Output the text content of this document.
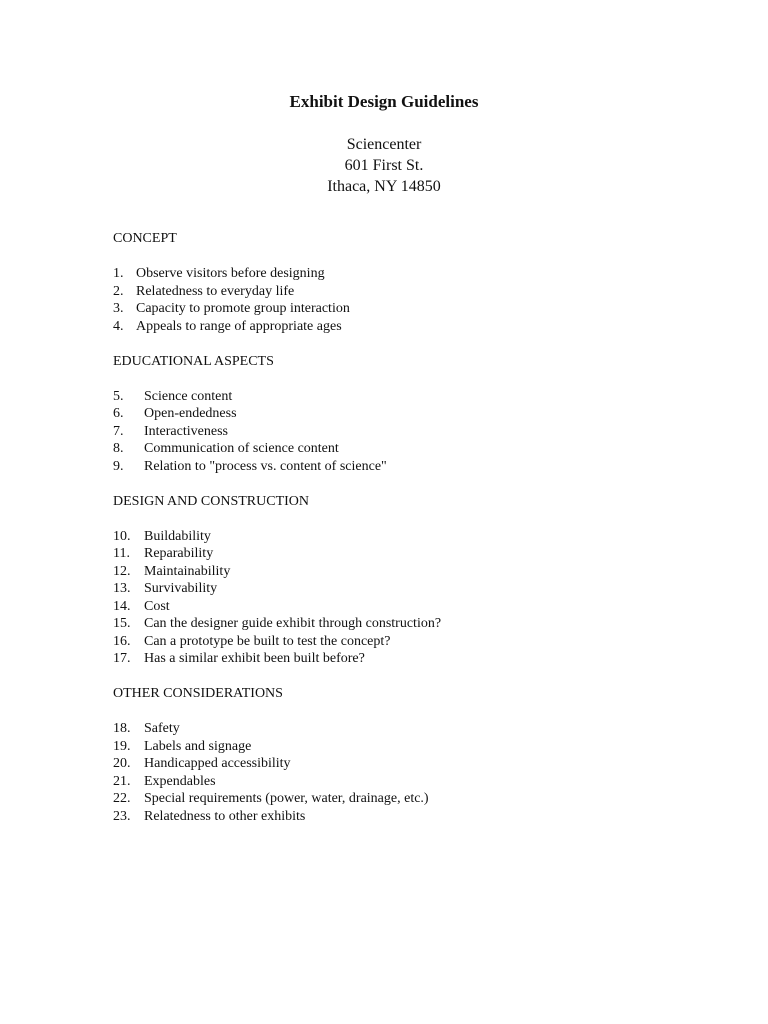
Exhibit Design Guidelines
Sciencenter
601 First St.
Ithaca, NY 14850
CONCEPT
1. Observe visitors before designing
2. Relatedness to everyday life
3. Capacity to promote group interaction
4. Appeals to range of appropriate ages
EDUCATIONAL ASPECTS
5.	Science content
6.	Open-endedness
7.	Interactiveness
8.	Communication of science content
9.	Relation to "process vs. content of science"
DESIGN AND CONSTRUCTION
10. Buildability
11.	Reparability
12. Maintainability
13. Survivability
14. Cost
15. Can the designer guide exhibit through construction?
16. Can a prototype be built to test the concept?
17. Has a similar exhibit been built before?
OTHER CONSIDERATIONS
18. Safety
19. Labels and signage
20. Handicapped accessibility
21. Expendables
22. Special requirements (power, water, drainage, etc.)
23. Relatedness to other exhibits
